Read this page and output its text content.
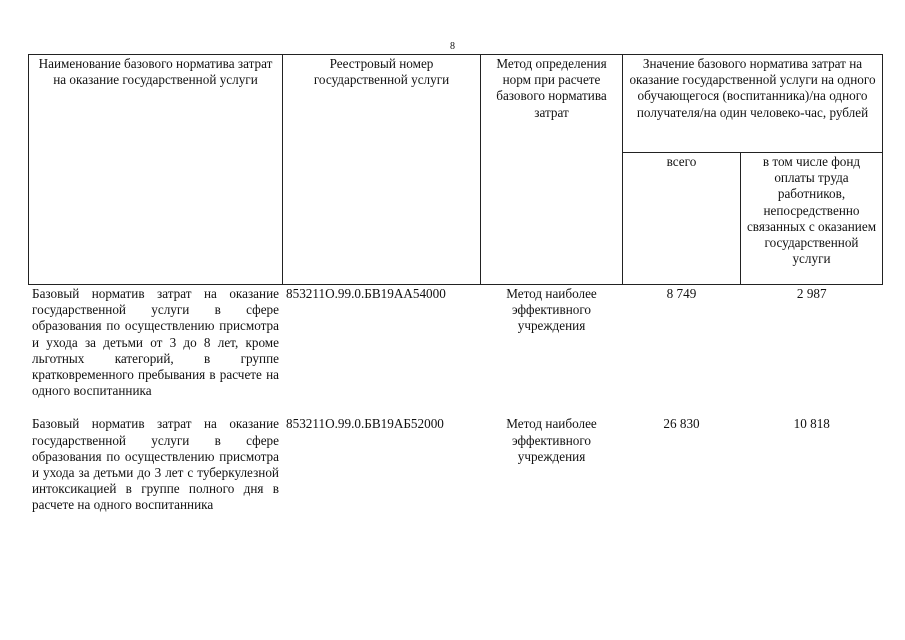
8
Наименование базового норматива затрат на оказание государственной услуги	Реестровый номер государственной услуги	Метод определения норм при расчете базового норматива затрат	Значение базового норматива затрат на оказание государственной услуги на одного обучающегося (воспитанника)/на одного получателя/на один человеко-час, рублей	
			всего	в том числе фонд оплаты труда работников, непосредственно связанных с оказанием государственной услуги
Базовый норматив затрат на оказание государственной услуги в сфере образования по осуществлению присмотра и ухода за детьми от 3 до 8 лет, кроме льготных категорий, в группе кратковременного пребывания в расчете на одного воспитанника	853211О.99.0.БВ19АА54000	Метод наиболее эффективного учреждения	8 749	2 987
Базовый норматив затрат на оказание государственной услуги в сфере образования по осуществлению присмотра и ухода за детьми до 3 лет с туберкулезной интоксикацией в группе полного дня в расчете на одного воспитанника	853211О.99.0.БВ19АБ52000	Метод наиболее эффективного учреждения	26 830	10 818
